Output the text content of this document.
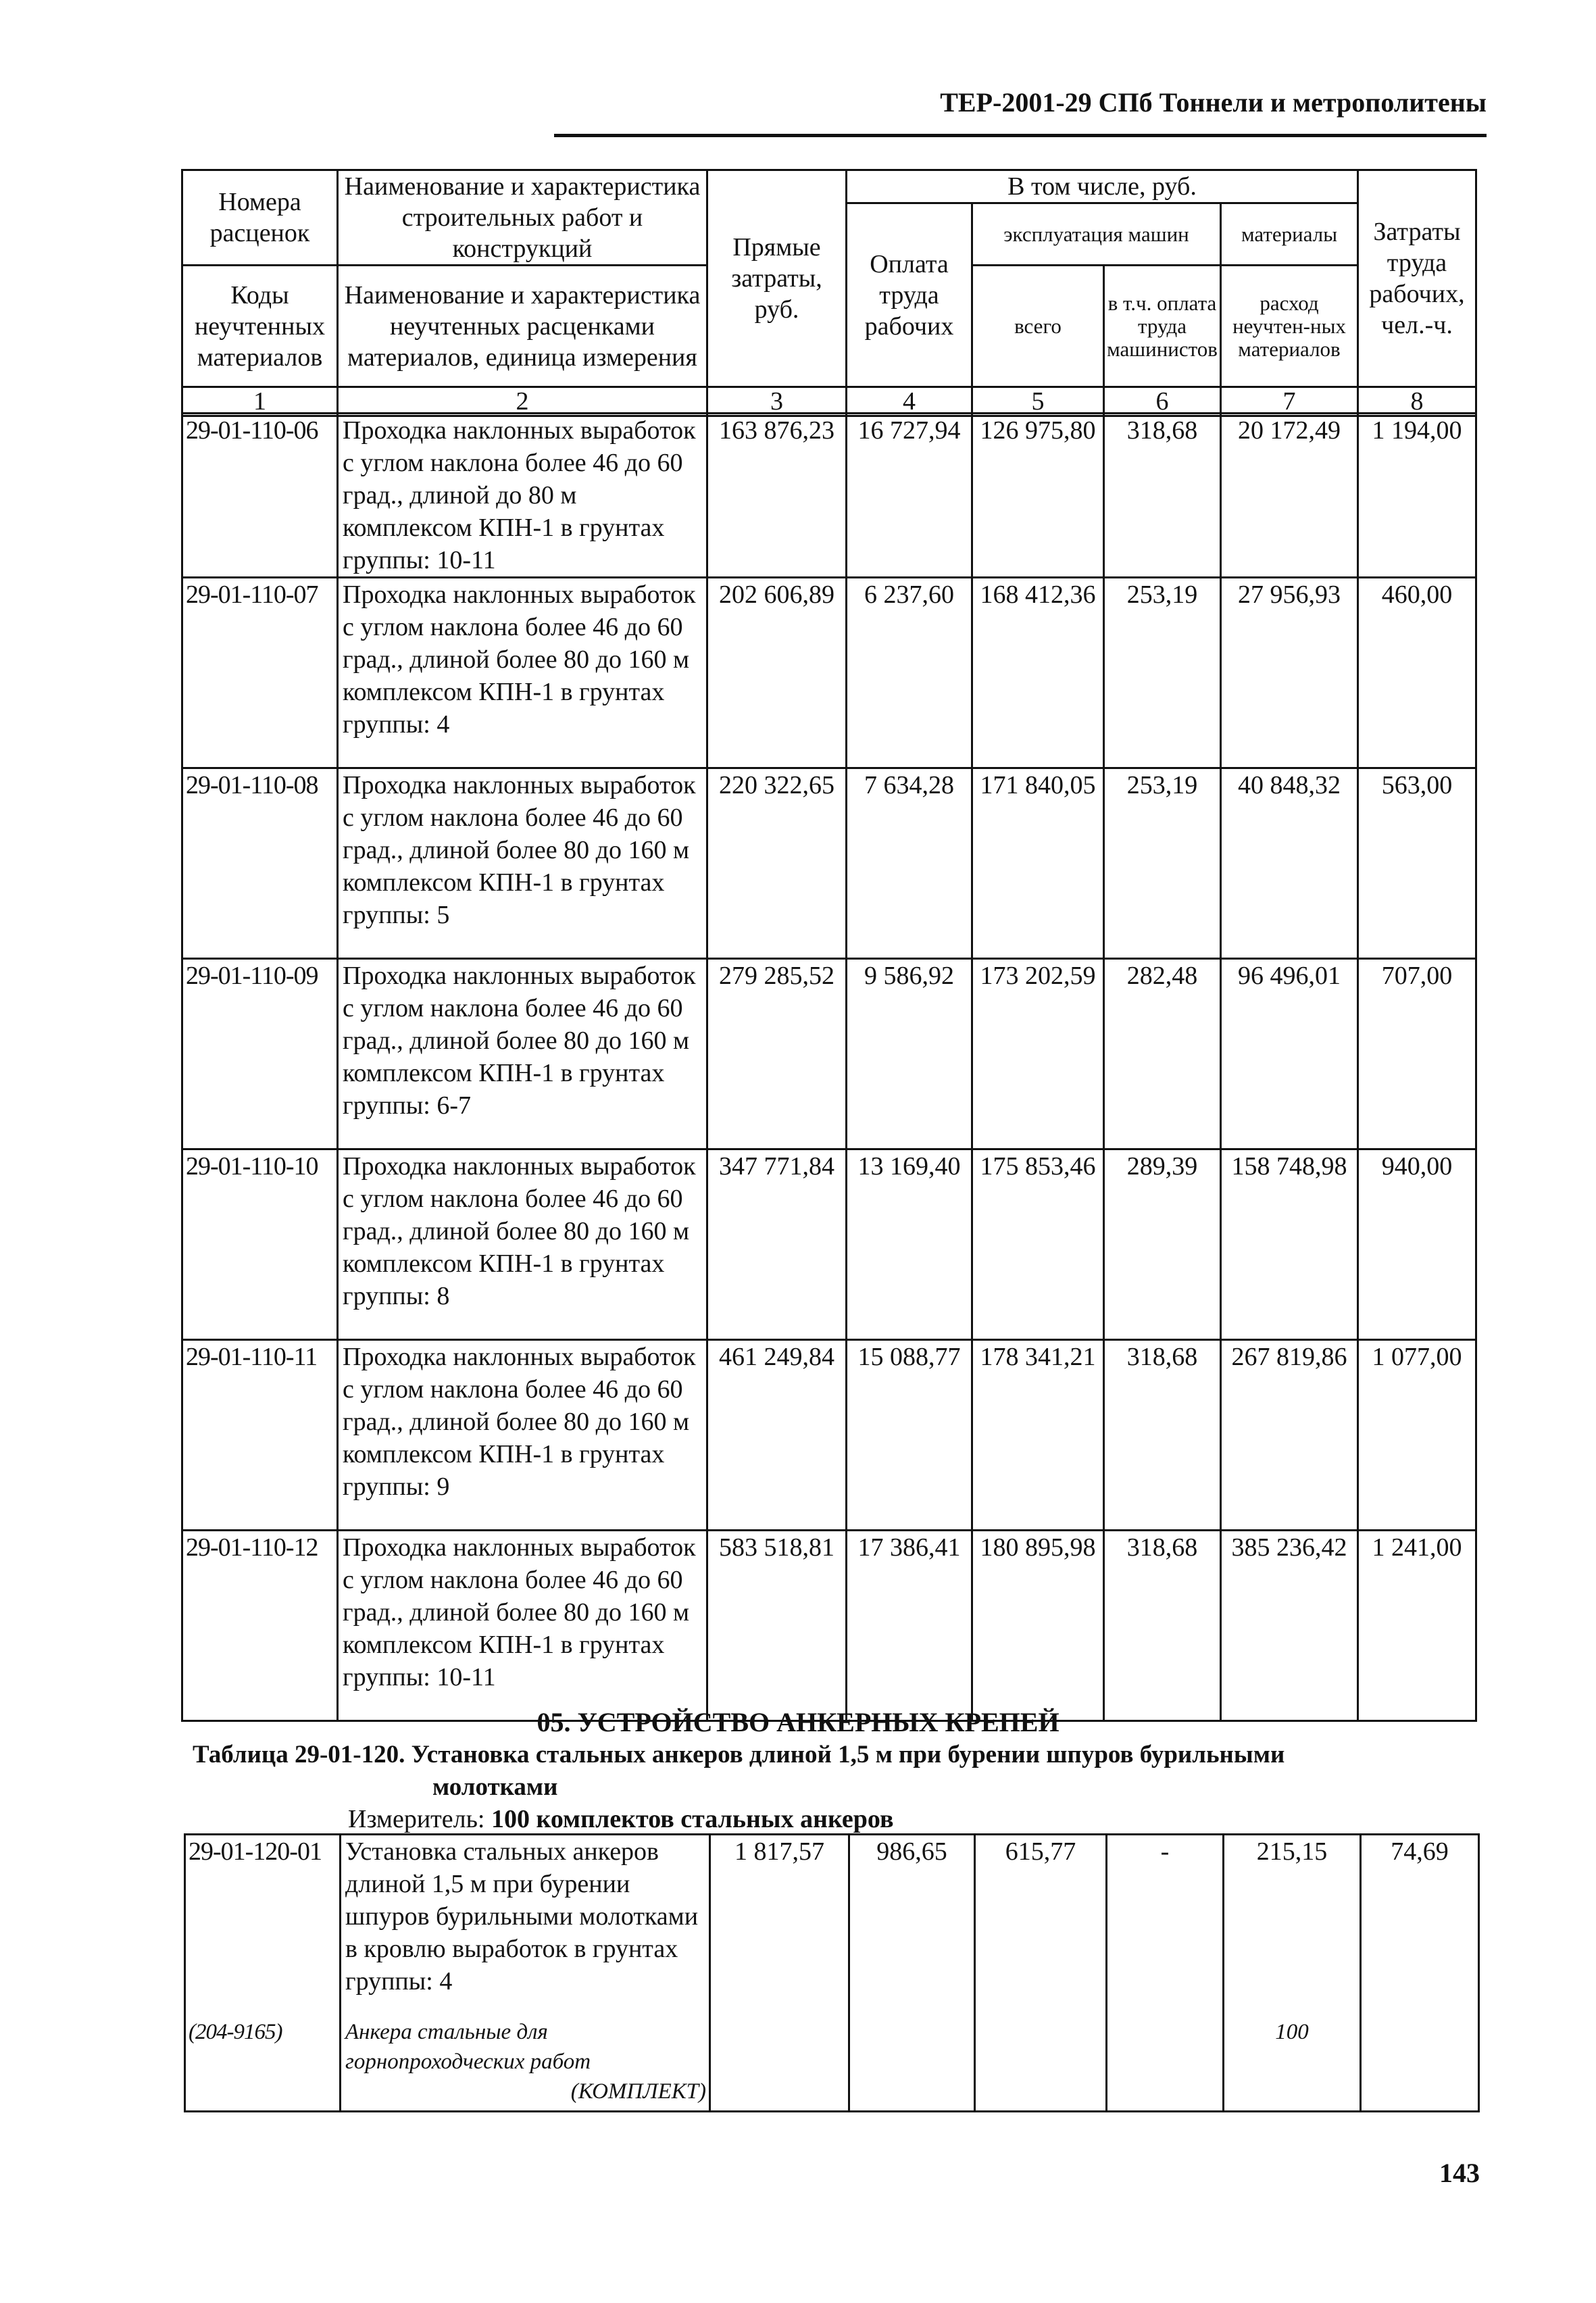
ТЕР-2001-29 СПб Тоннели и метрополитены
Номера расценок	Наименование и характеристика строительных работ и конструкций	Прямые затраты, руб.	В том числе, руб.				Затраты труда рабочих, чел.-ч.
			Оплата труда рабочих	эксплуатация машин		материалы	
Коды неучтенных материалов	Наименование и характеристика неучтенных расценками материалов, единица измерения			всего	в т.ч. оплата труда машинистов	расход неучтен-ных материалов	

1	2	3	4	5	6	7	8
29-01-110-06	Проходка наклонных выработок с углом наклона более 46 до 60 град., длиной до 80 м комплексом КПН-1 в грунтах группы: 10-11	163 876,23	16 727,94	126 975,80	318,68	20 172,49	1 194,00
29-01-110-07	Проходка наклонных выработок с углом наклона более 46 до 60 град., длиной более 80 до 160 м комплексом КПН-1 в грунтах группы: 4	202 606,89	6 237,60	168 412,36	253,19	27 956,93	460,00
29-01-110-08	Проходка наклонных выработок с углом наклона более 46 до 60 град., длиной более 80 до 160 м комплексом КПН-1 в грунтах группы: 5	220 322,65	7 634,28	171 840,05	253,19	40 848,32	563,00
29-01-110-09	Проходка наклонных выработок с углом наклона более 46 до 60 град., длиной более 80 до 160 м комплексом КПН-1 в грунтах группы: 6-7	279 285,52	9 586,92	173 202,59	282,48	96 496,01	707,00
29-01-110-10	Проходка наклонных выработок с углом наклона более 46 до 60 град., длиной более 80 до 160 м комплексом КПН-1 в грунтах группы: 8	347 771,84	13 169,40	175 853,46	289,39	158 748,98	940,00
29-01-110-11	Проходка наклонных выработок с углом наклона более 46 до 60 град., длиной более 80 до 160 м комплексом КПН-1 в грунтах группы: 9	461 249,84	15 088,77	178 341,21	318,68	267 819,86	1 077,00
29-01-110-12	Проходка наклонных выработок с углом наклона более 46 до 60 град., длиной более 80 до 160 м комплексом КПН-1 в грунтах группы: 10-11	583 518,81	17 386,41	180 895,98	318,68	385 236,42	1 241,00
05. УСТРОЙСТВО АНКЕРНЫХ КРЕПЕЙ
Таблица 29-01-120. Установка стальных анкеров длиной 1,5 м при бурении шпуров бурильными
молотками
Измеритель: 100 комплектов стальных анкеров
29-01-120-01	Установка стальных анкеров длиной 1,5 м при бурении шпуров бурильными молотками в кровлю выработок в грунтах группы: 4	1 817,57	986,65	615,77	-	215,15	74,69
(204-9165)	Анкера стальные для горнопроходческих работ
(КОМПЛЕКТ)					100	
143
